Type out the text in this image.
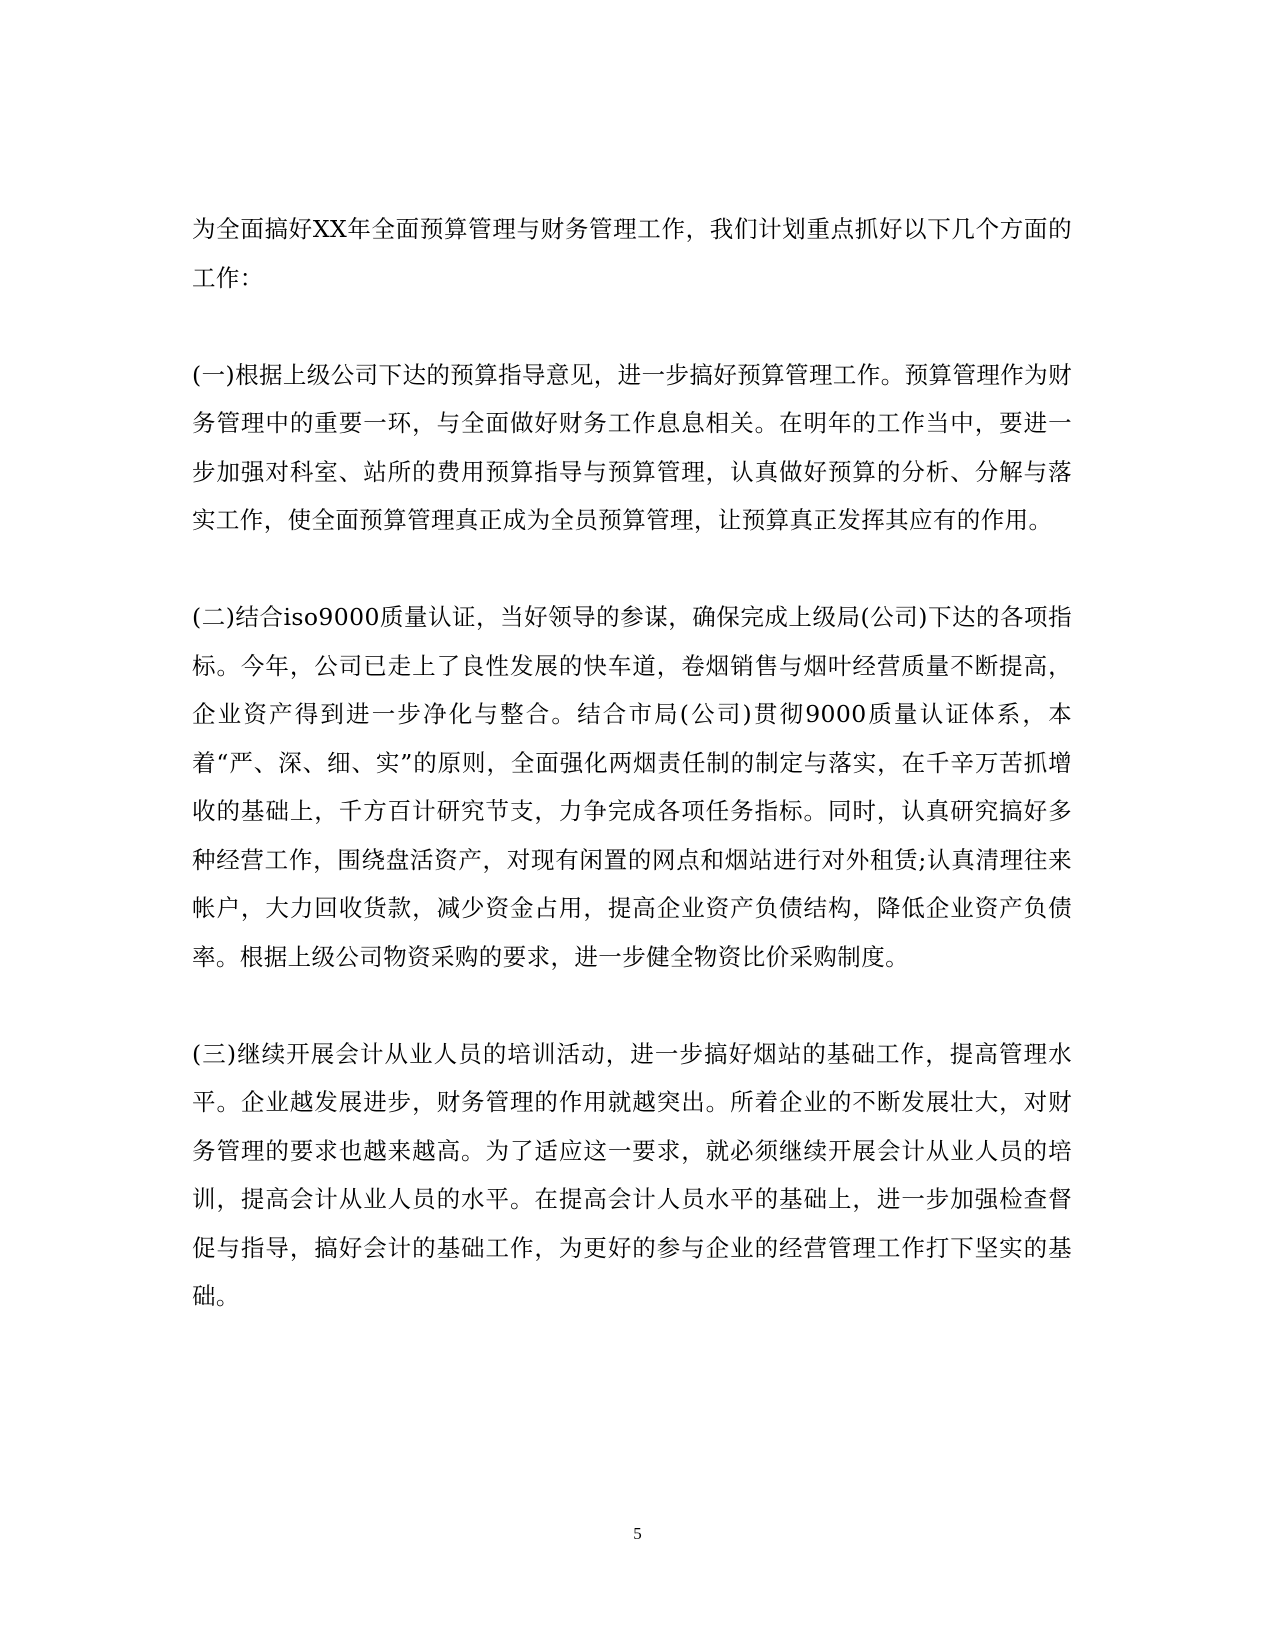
为全面搞好XX年全面预算管理与财务管理工作，我们计划重点抓好以下几个方面的工作：

(一)根据上级公司下达的预算指导意见，进一步搞好预算管理工作。预算管理作为财务管理中的重要一环，与全面做好财务工作息息相关。在明年的工作当中，要进一步加强对科室、站所的费用预算指导与预算管理，认真做好预算的分析、分解与落实工作，使全面预算管理真正成为全员预算管理，让预算真正发挥其应有的作用。

(二)结合iso9000质量认证，当好领导的参谋，确保完成上级局(公司)下达的各项指标。今年，公司已走上了良性发展的快车道，卷烟销售与烟叶经营质量不断提高，企业资产得到进一步净化与整合。结合市局(公司)贯彻9000质量认证体系，本着“严、深、细、实”的原则，全面强化两烟责任制的制定与落实，在千辛万苦抓增收的基础上，千方百计研究节支，力争完成各项任务指标。同时，认真研究搞好多种经营工作，围绕盘活资产，对现有闲置的网点和烟站进行对外租赁;认真清理往来帐户，大力回收货款，减少资金占用，提高企业资产负债结构，降低企业资产负债率。根据上级公司物资采购的要求，进一步健全物资比价采购制度。

(三)继续开展会计从业人员的培训活动，进一步搞好烟站的基础工作，提高管理水平。企业越发展进步，财务管理的作用就越突出。所着企业的不断发展壮大，对财务管理的要求也越来越高。为了适应这一要求，就必须继续开展会计从业人员的培训，提高会计从业人员的水平。在提高会计人员水平的基础上，进一步加强检查督促与指导，搞好会计的基础工作，为更好的参与企业的经营管理工作打下坚实的基础。

5
